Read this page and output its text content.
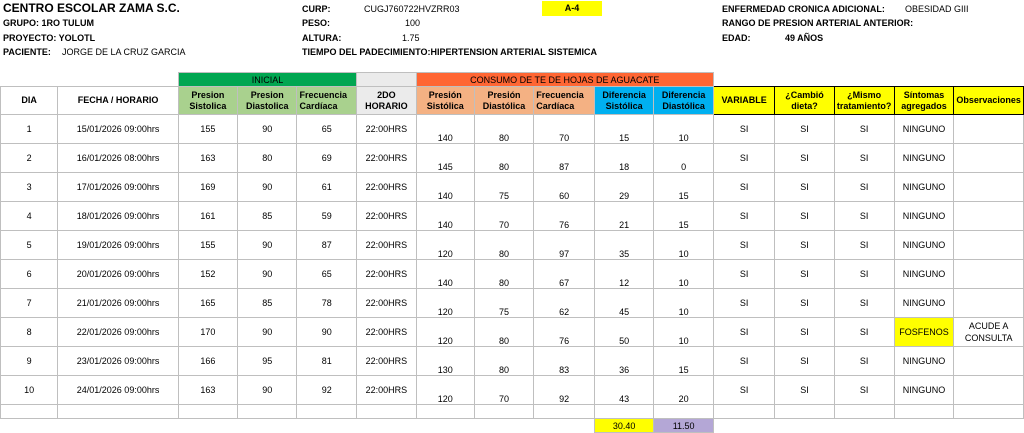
CENTRO ESCOLAR ZAMA S.C.
GRUPO: 1RO TULUM
PROYECTO: YOLOTL
PACIENTE: JORGE DE LA CRUZ GARCIA
CURP:	CUGJ760722HVZRR03	A-4
PESO:	100
ALTURA:	1.75
TIEMPO DEL PADECIMIENTO:HIPERTENSION ARTERIAL SISTEMICA
ENFERMEDAD CRONICA ADICIONAL: OBESIDAD GIII
RANGO DE PRESION ARTERIAL ANTERIOR:
EDAD:	49 AÑOS
		INICIAL				CONSUMO DE TE DE HOJAS DE AGUACATE									
DIA	FECHA / HORARIO	Presion Sistolica	Presion Diastolica	Frecuencia Cardíaca	2DO HORARIO	Presión Sistólica	Presión Diastólica	Frecuencia Cardíaca	Diferencia Sistólica	Diferencia Diastólica	VARIABLE	¿Cambió dieta?	¿Mismo tratamiento?	Síntomas agregados	Observaciones
1	15/01/2026 09:00hrs	155	90	65	22:00HRS	140	80	70	15	10	SI	SI	SI	NINGUNO	
2	16/01/2026 08:00hrs	163	80	69	22:00HRS	145	80	87	18	0	SI	SI	SI	NINGUNO	
3	17/01/2026 09:00hrs	169	90	61	22:00HRS	140	75	60	29	15	SI	SI	SI	NINGUNO	
4	18/01/2026 09:00hrs	161	85	59	22:00HRS	140	70	76	21	15	SI	SI	SI	NINGUNO	
5	19/01/2026 09:00hrs	155	90	87	22:00HRS	120	80	97	35	10	SI	SI	SI	NINGUNO	
6	20/01/2026 09:00hrs	152	90	65	22:00HRS	140	80	67	12	10	SI	SI	SI	NINGUNO	
7	21/01/2026 09:00hrs	165	85	78	22:00HRS	120	75	62	45	10	SI	SI	SI	NINGUNO	
8	22/01/2026 09:00hrs	170	90	90	22:00HRS	120	80	76	50	10	SI	SI	SI	FOSFENOS	ACUDE A CONSULTA
9	23/01/2026 09:00hrs	166	95	81	22:00HRS	130	80	83	36	15	SI	SI	SI	NINGUNO	
10	24/01/2026 09:00hrs	163	90	92	22:00HRS	120	70	92	43	20	SI	SI	SI	NINGUNO	

									30.40	11.50					
